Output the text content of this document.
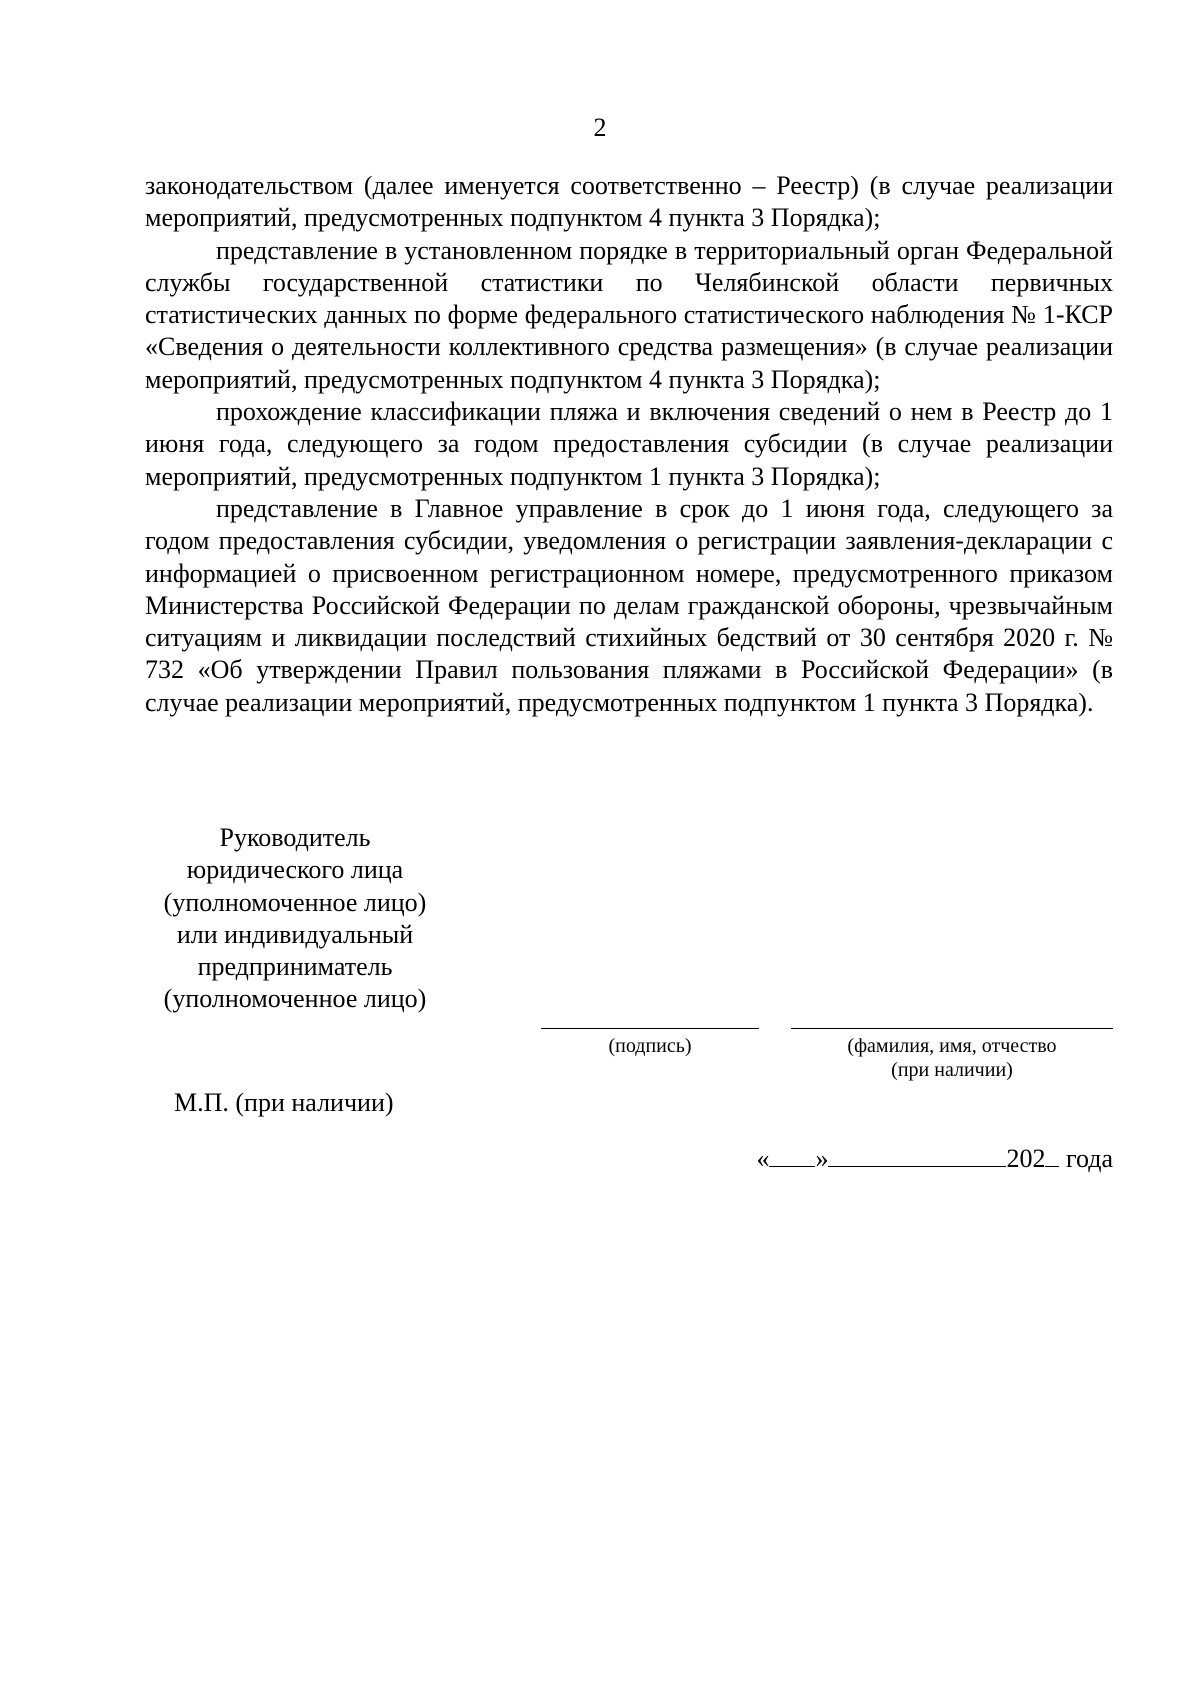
2

законодательством (далее именуется соответственно – Реестр) (в случае реализации мероприятий, предусмотренных подпунктом 4 пункта 3 Порядка);

представление в установленном порядке в территориальный орган Федеральной службы государственной статистики по Челябинской области первичных статистических данных по форме федерального статистического наблюдения № 1-КСР «Сведения о деятельности коллективного средства размещения» (в случае реализации мероприятий, предусмотренных подпунктом 4 пункта 3 Порядка);

прохождение классификации пляжа и включения сведений о нем в Реестр до 1 июня года, следующего за годом предоставления субсидии (в случае реализации мероприятий, предусмотренных подпунктом 1 пункта 3 Порядка);

представление в Главное управление в срок до 1 июня года, следующего за годом предоставления субсидии, уведомления о регистрации заявления-декларации с информацией о присвоенном регистрационном номере, предусмотренного приказом Министерства Российской Федерации по делам гражданской обороны, чрезвычайным ситуациям и ликвидации последствий стихийных бедствий от 30 сентября 2020 г. № 732 «Об утверждении Правил пользования пляжами в Российской Федерации» (в случае реализации мероприятий, предусмотренных подпунктом 1 пункта 3 Порядка).

Руководитель
юридического лица
(уполномоченное лицо)
или индивидуальный
предприниматель
(уполномоченное лицо)
(подпись)	(фамилия, имя, отчество
(при наличии)
М.П. (при наличии)
« »	202 года
